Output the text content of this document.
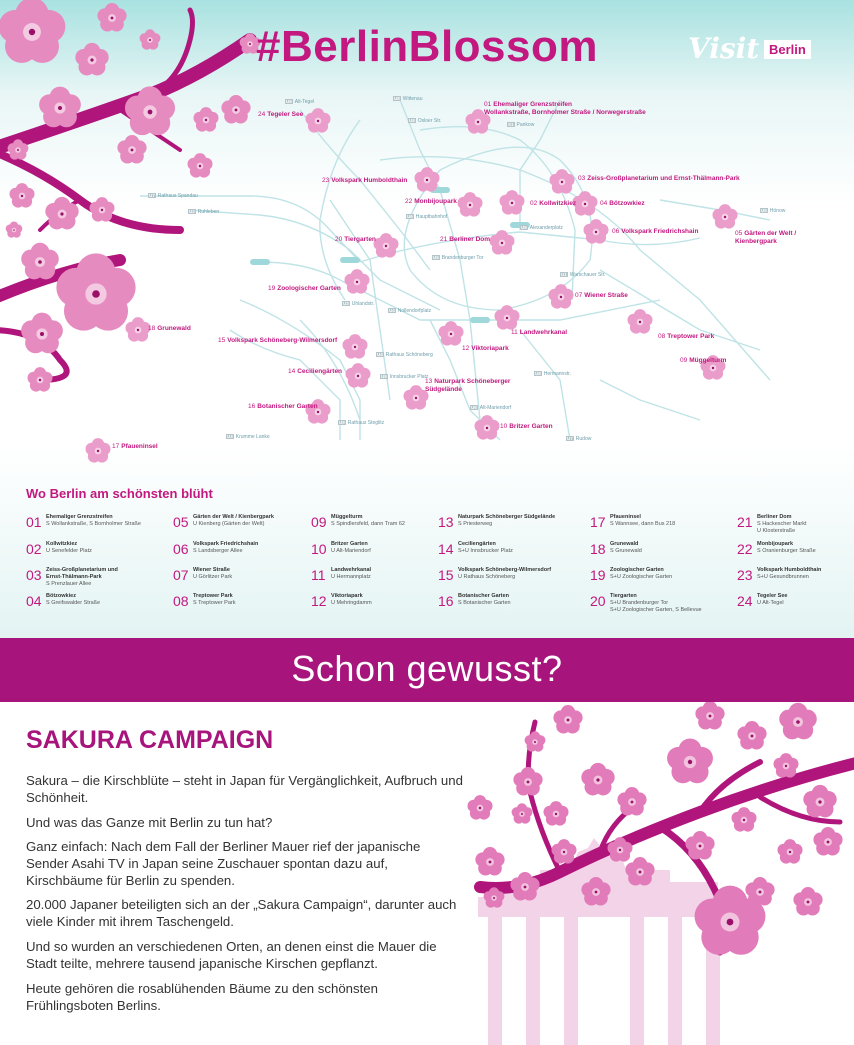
#BerlinBlossom	Visit Berlin
U8 Wittenau
U6 Alt-Tegel
S1 Pankow
U8 Osloer Str.
U7 Rathaus Spandau
U2 Ruhleben	U5 Hönow
U6 Hauptbahnhof
U5 Alexanderplatz
U5 Brandenburger Tor
U1 Warschauer Str.
U3 Uhlandstr.
U4 Nollendorfplatz
U4 Rathaus Schöneberg
U9 Rathaus Steglitz
U3 Krumme Lanke	U7 Rudow
U6 Alt-Mariendorf
U8 Hermannstr.
U9 Innsbrucker Platz
01 Ehemaliger Grenzstreifen
Wollankstraße, Bornholmer Straße / Norwegerstraße
03 Zeiss-Großplanetarium und Ernst-Thälmann-Park
04 Bötzowkiez
02 Kollwitzkiez
05 Gärten der Welt /
Kienbergpark
06 Volkspark Friedrichshain
07 Wiener Straße
08 Treptower Park
09 Müggelturm
10 Britzer Garten
11 Landwehrkanal
12 Viktoriapark
13 Naturpark Schöneberger
Südgelände
14 Ceciliengärten
15 Volkspark Schöneberg-Wilmersdorf
16 Botanischer Garten
17 Pfaueninsel
18 Grunewald
19 Zoologischer Garten
20 Tiergarten	21 Berliner Dom
22 Monbijoupark
23 Volkspark Humboldthain
24 Tegeler See
Wo Berlin am schönsten blüht
01 Ehemaliger Grenzstreifen
S Wollankstraße, S Bornholmer Straße
02 Kollwitzkiez
U Senefelder Platz
03 Zeiss-Großplanetarium und
Ernst-Thälmann-Park
S Prenzlauer Allee
04 Bötzowkiez
S Greifswalder Straße
05 Gärten der Welt / Kienbergpark
U Kienberg (Gärten der Welt)
06 Volkspark Friedrichshain
S Landsberger Allee
07 Wiener Straße
U Görlitzer Park
08 Treptower Park
S Treptower Park
09 Müggelturm
S Spindlersfeld, dann Tram 62
10 Britzer Garten
U Alt-Mariendorf
11 Landwehrkanal
U Hermannplatz
12 Viktoriapark
U Mehringdamm
13 Naturpark Schöneberger Südgelände
S Priesterweg
14 Ceciliengärten
S+U Innsbrucker Platz
15 Volkspark Schöneberg-Wilmersdorf
U Rathaus Schöneberg
16 Botanischer Garten
S Botanischer Garten
17 Pfaueninsel
S Wannsee, dann Bus 218
18 Grunewald
S Grunewald
19 Zoologischer Garten
S+U Zoologischer Garten
20 Tiergarten
S+U Brandenburger Tor
S+U Zoologischer Garten, S Bellevue
21 Berliner Dom
S Hackescher Markt
U Klosterstraße
22 Monbijoupark
S Oranienburger Straße
23 Volkspark Humboldthain
S+U Gesundbrunnen
24 Tegeler See
U Alt-Tegel
Schon gewusst?
SAKURA CAMPAIGN
Sakura – die Kirschblüte – steht in Japan für Vergänglichkeit, Aufbruch und Schönheit.
Und was das Ganze mit Berlin zu tun hat?
Ganz einfach: Nach dem Fall der Berliner Mauer rief der japanische Sender Asahi TV in Japan seine Zuschauer spontan dazu auf, Kirschbäume für Berlin zu spenden.
20.000 Japaner beteiligten sich an der „Sakura Campaign“, darunter auch viele Kinder mit ihrem Taschengeld.
Und so wurden an verschiedenen Orten, an denen einst die Mauer die Stadt teilte, mehrere tausend japanische Kirschen gepflanzt.
Heute gehören die rosablühenden Bäume zu den schönsten Frühlingsboten Berlins.
